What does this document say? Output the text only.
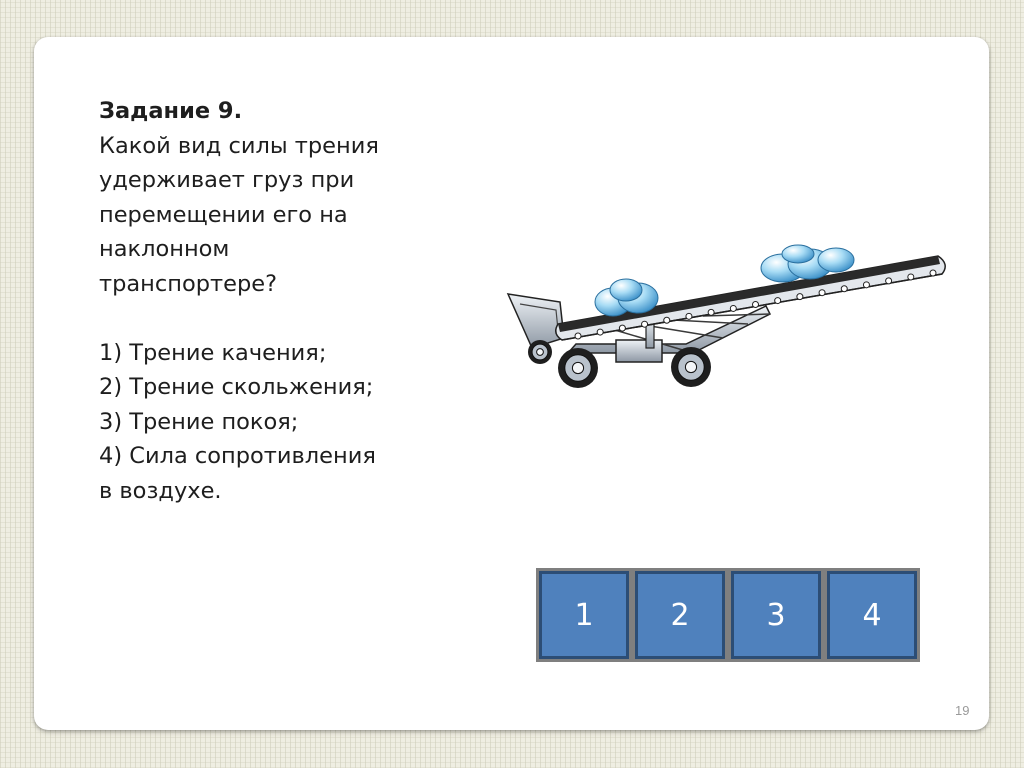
Задание 9.
Какой вид силы трения
удерживает груз при
перемещении его на
наклонном
транспортере?
1) Трение качения;
2) Трение скольжения;
3) Трение покоя;
4) Сила сопротивления
в воздухе.
1	2	3	4
19
